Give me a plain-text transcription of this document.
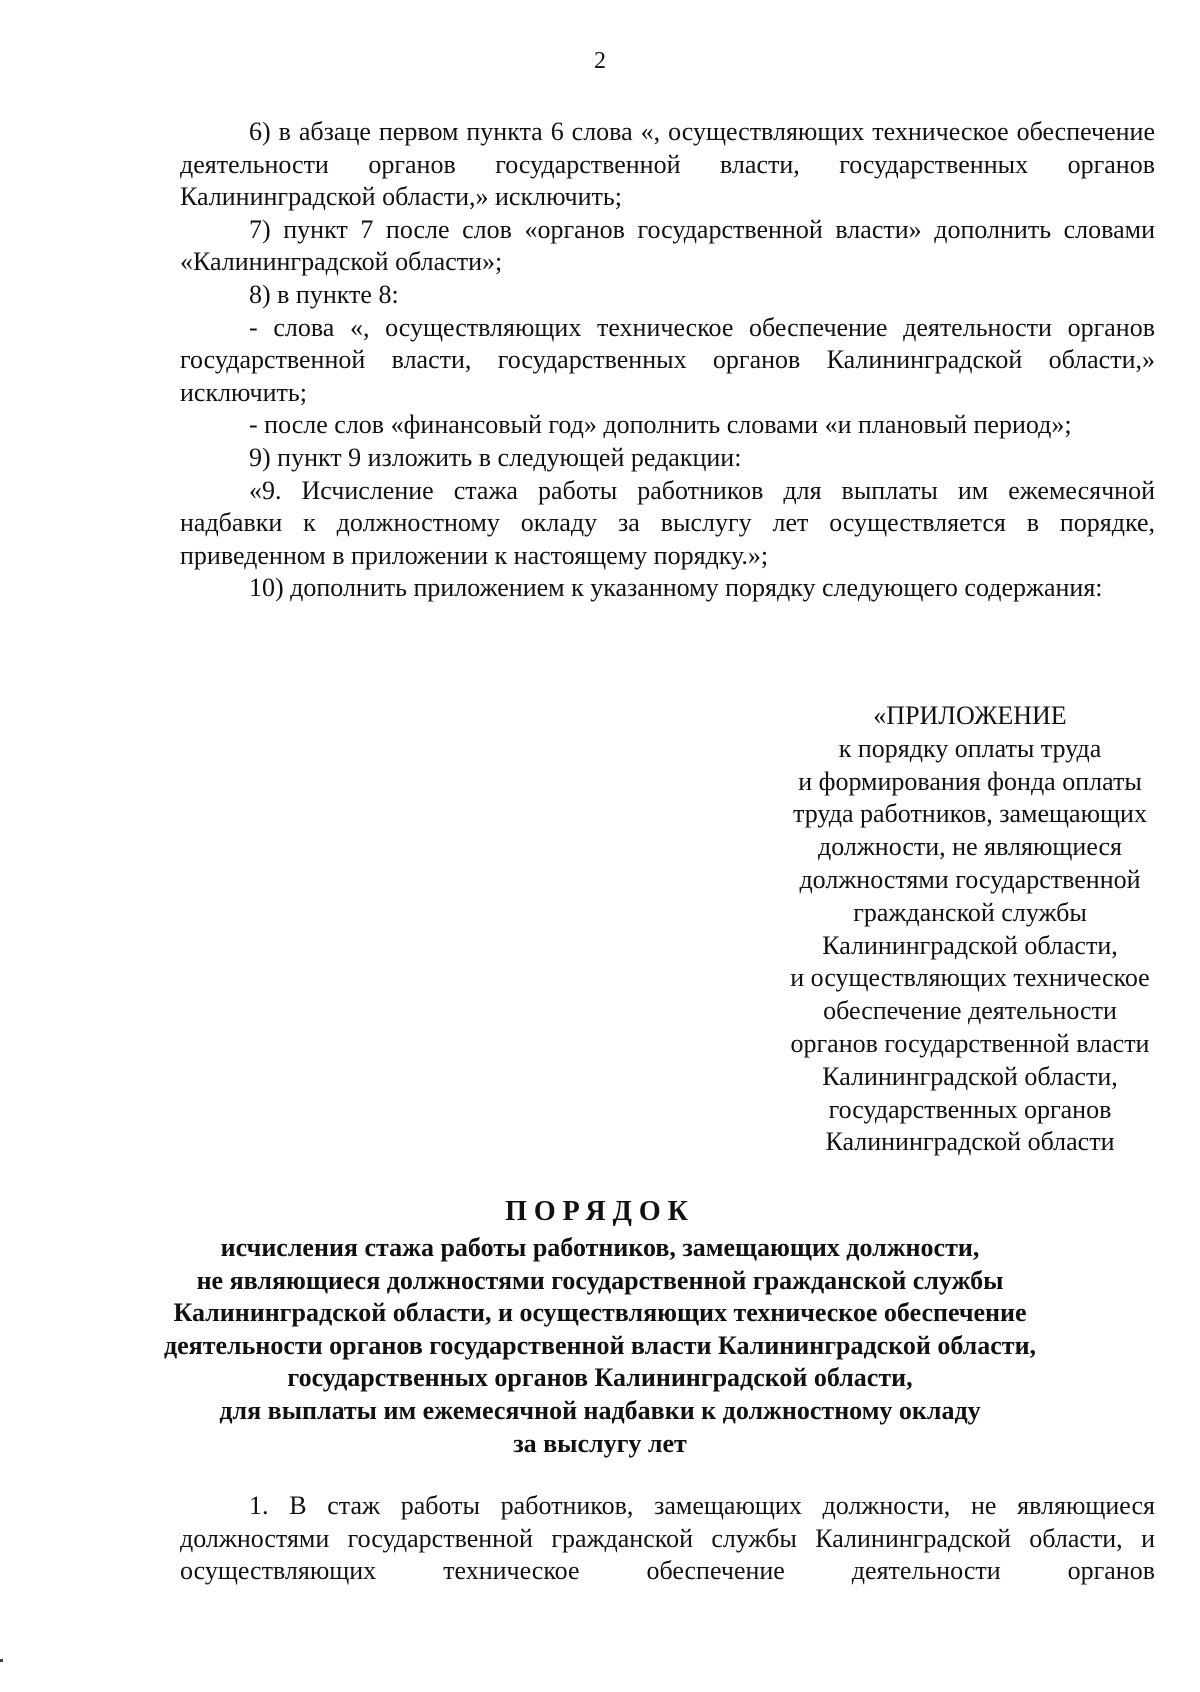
2

6) в абзаце первом пункта 6 слова «, осуществляющих техническое обеспечение деятельности органов государственной власти, государственных органов Калининградской области,» исключить;

7) пункт 7 после слов «органов государственной власти» дополнить словами «Калининградской области»;

8) в пункте 8:

- слова «, осуществляющих техническое обеспечение деятельности органов государственной власти, государственных органов Калининградской области,» исключить;

- после слов «финансовый год» дополнить словами «и плановый период»;

9) пункт 9 изложить в следующей редакции:

«9. Исчисление стажа работы работников для выплаты им ежемесячной надбавки к должностному окладу за выслугу лет осуществляется в порядке, приведенном в приложении к настоящему порядку.»;

10) дополнить приложением к указанному порядку следующего содержания:

«ПРИЛОЖЕНИЕ
к порядку оплаты труда
и формирования фонда оплаты
труда работников, замещающих
должности, не являющиеся
должностями государственной
гражданской службы
Калининградской области,
и осуществляющих техническое
обеспечение деятельности
органов государственной власти
Калининградской области,
государственных органов
Калининградской области
ПОРЯДОК
исчисления стажа работы работников, замещающих должности,
не являющиеся должностями государственной гражданской службы
Калининградской области, и осуществляющих техническое обеспечение
деятельности органов государственной власти Калининградской области,
государственных органов Калининградской области,
для выплаты им ежемесячной надбавки к должностному окладу
за выслугу лет

1. В стаж работы работников, замещающих должности, не являющиеся должностями государственной гражданской службы Калининградской области, и осуществляющих техническое обеспечение деятельности органов
